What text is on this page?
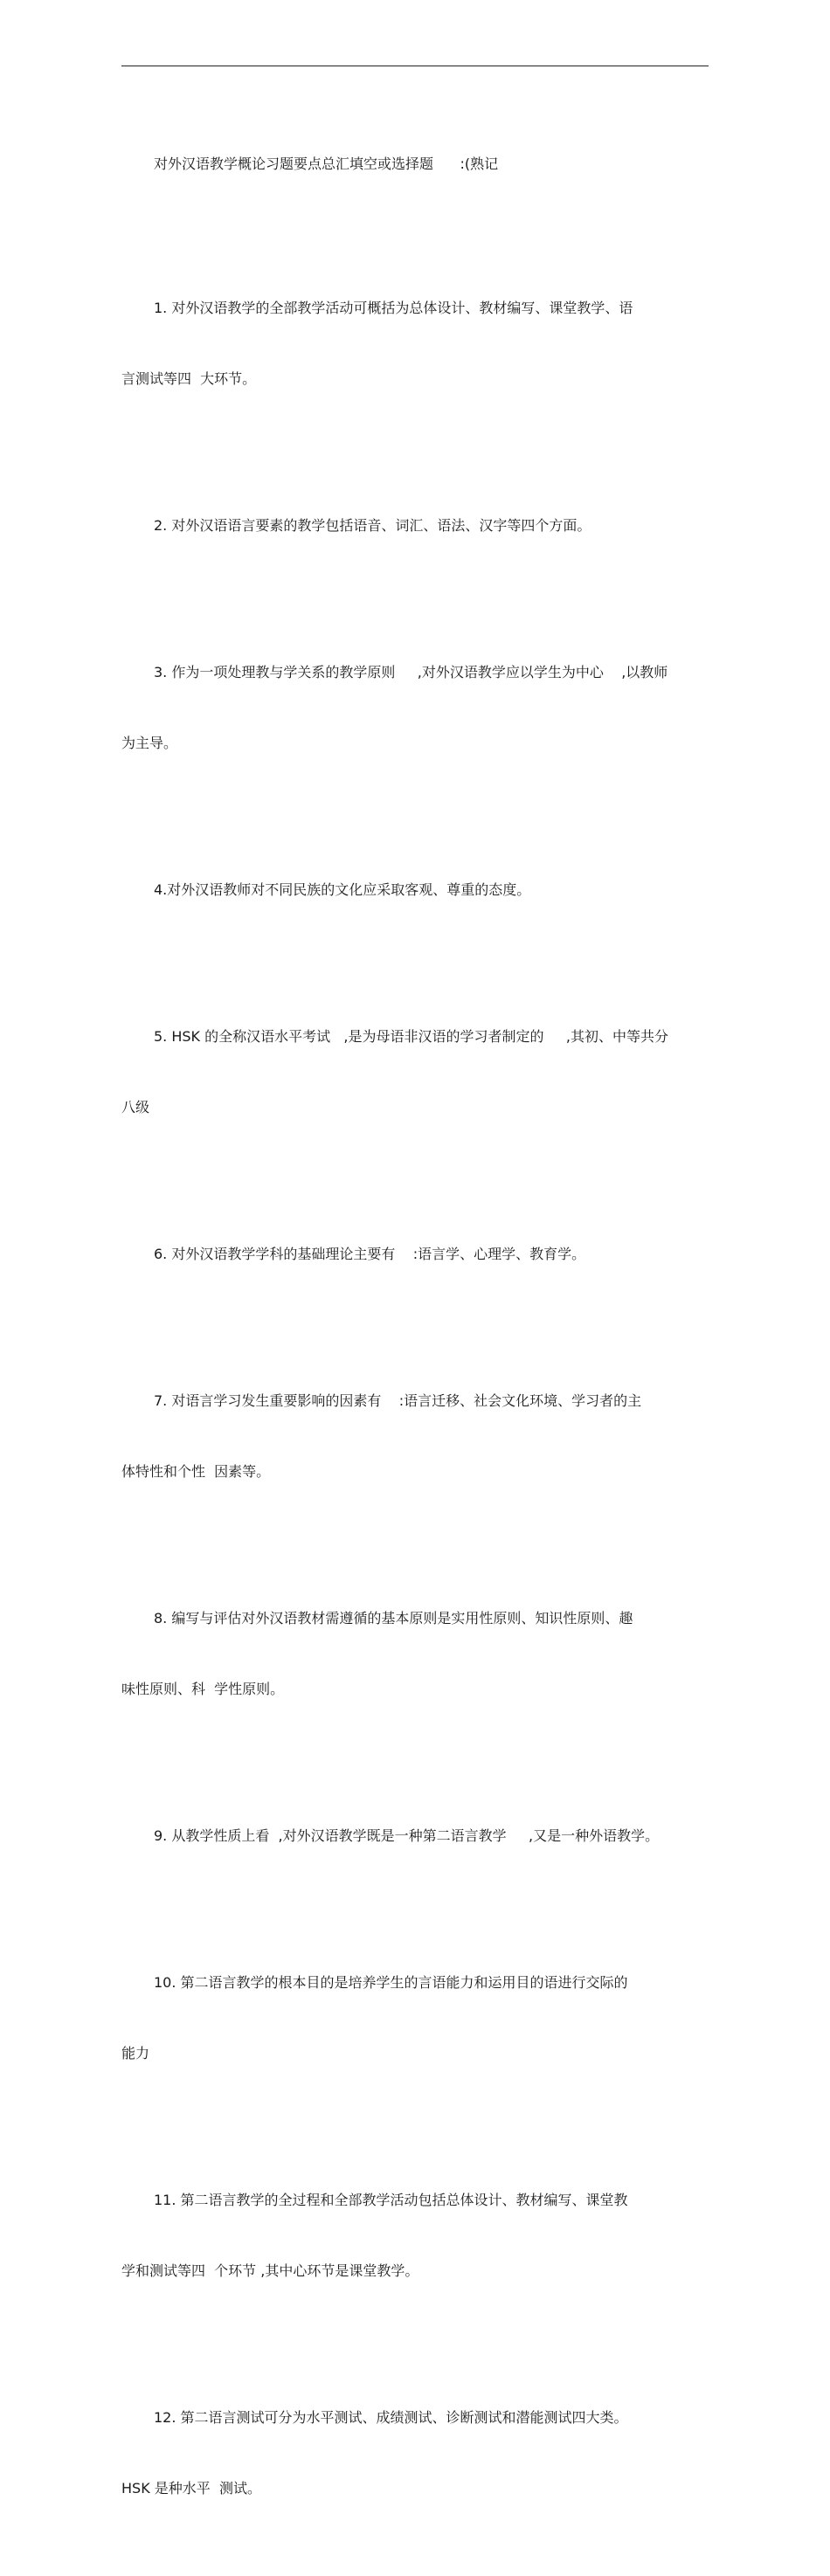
对外汉语教学概论习题要点总汇填空或选择题      :(熟记

1. 对外汉语教学的全部教学活动可概括为总体设计、教材编写、课堂教学、语

言测试等四  大环节。

2. 对外汉语语言要素的教学包括语音、词汇、语法、汉字等四个方面。

3. 作为一项处理教与学关系的教学原则     ,对外汉语教学应以学生为中心    ,以教师

为主导。

4.对外汉语教师对不同民族的文化应采取客观、尊重的态度。

5. HSK 的全称汉语水平考试   ,是为母语非汉语的学习者制定的     ,其初、中等共分

八级

6. 对外汉语教学学科的基础理论主要有    :语言学、心理学、教育学。

7. 对语言学习发生重要影响的因素有    :语言迁移、社会文化环境、学习者的主

体特性和个性  因素等。

8. 编写与评估对外汉语教材需遵循的基本原则是实用性原则、知识性原则、趣

味性原则、科  学性原则。

9. 从教学性质上看  ,对外汉语教学既是一种第二语言教学     ,又是一种外语教学。

10. 第二语言教学的根本目的是培养学生的言语能力和运用目的语进行交际的

能力

11. 第二语言教学的全过程和全部教学活动包括总体设计、教材编写、课堂教

学和测试等四  个环节 ,其中心环节是课堂教学。

12. 第二语言测试可分为水平测试、成绩测试、诊断测试和潜能测试四大类。

HSK 是种水平  测试。
